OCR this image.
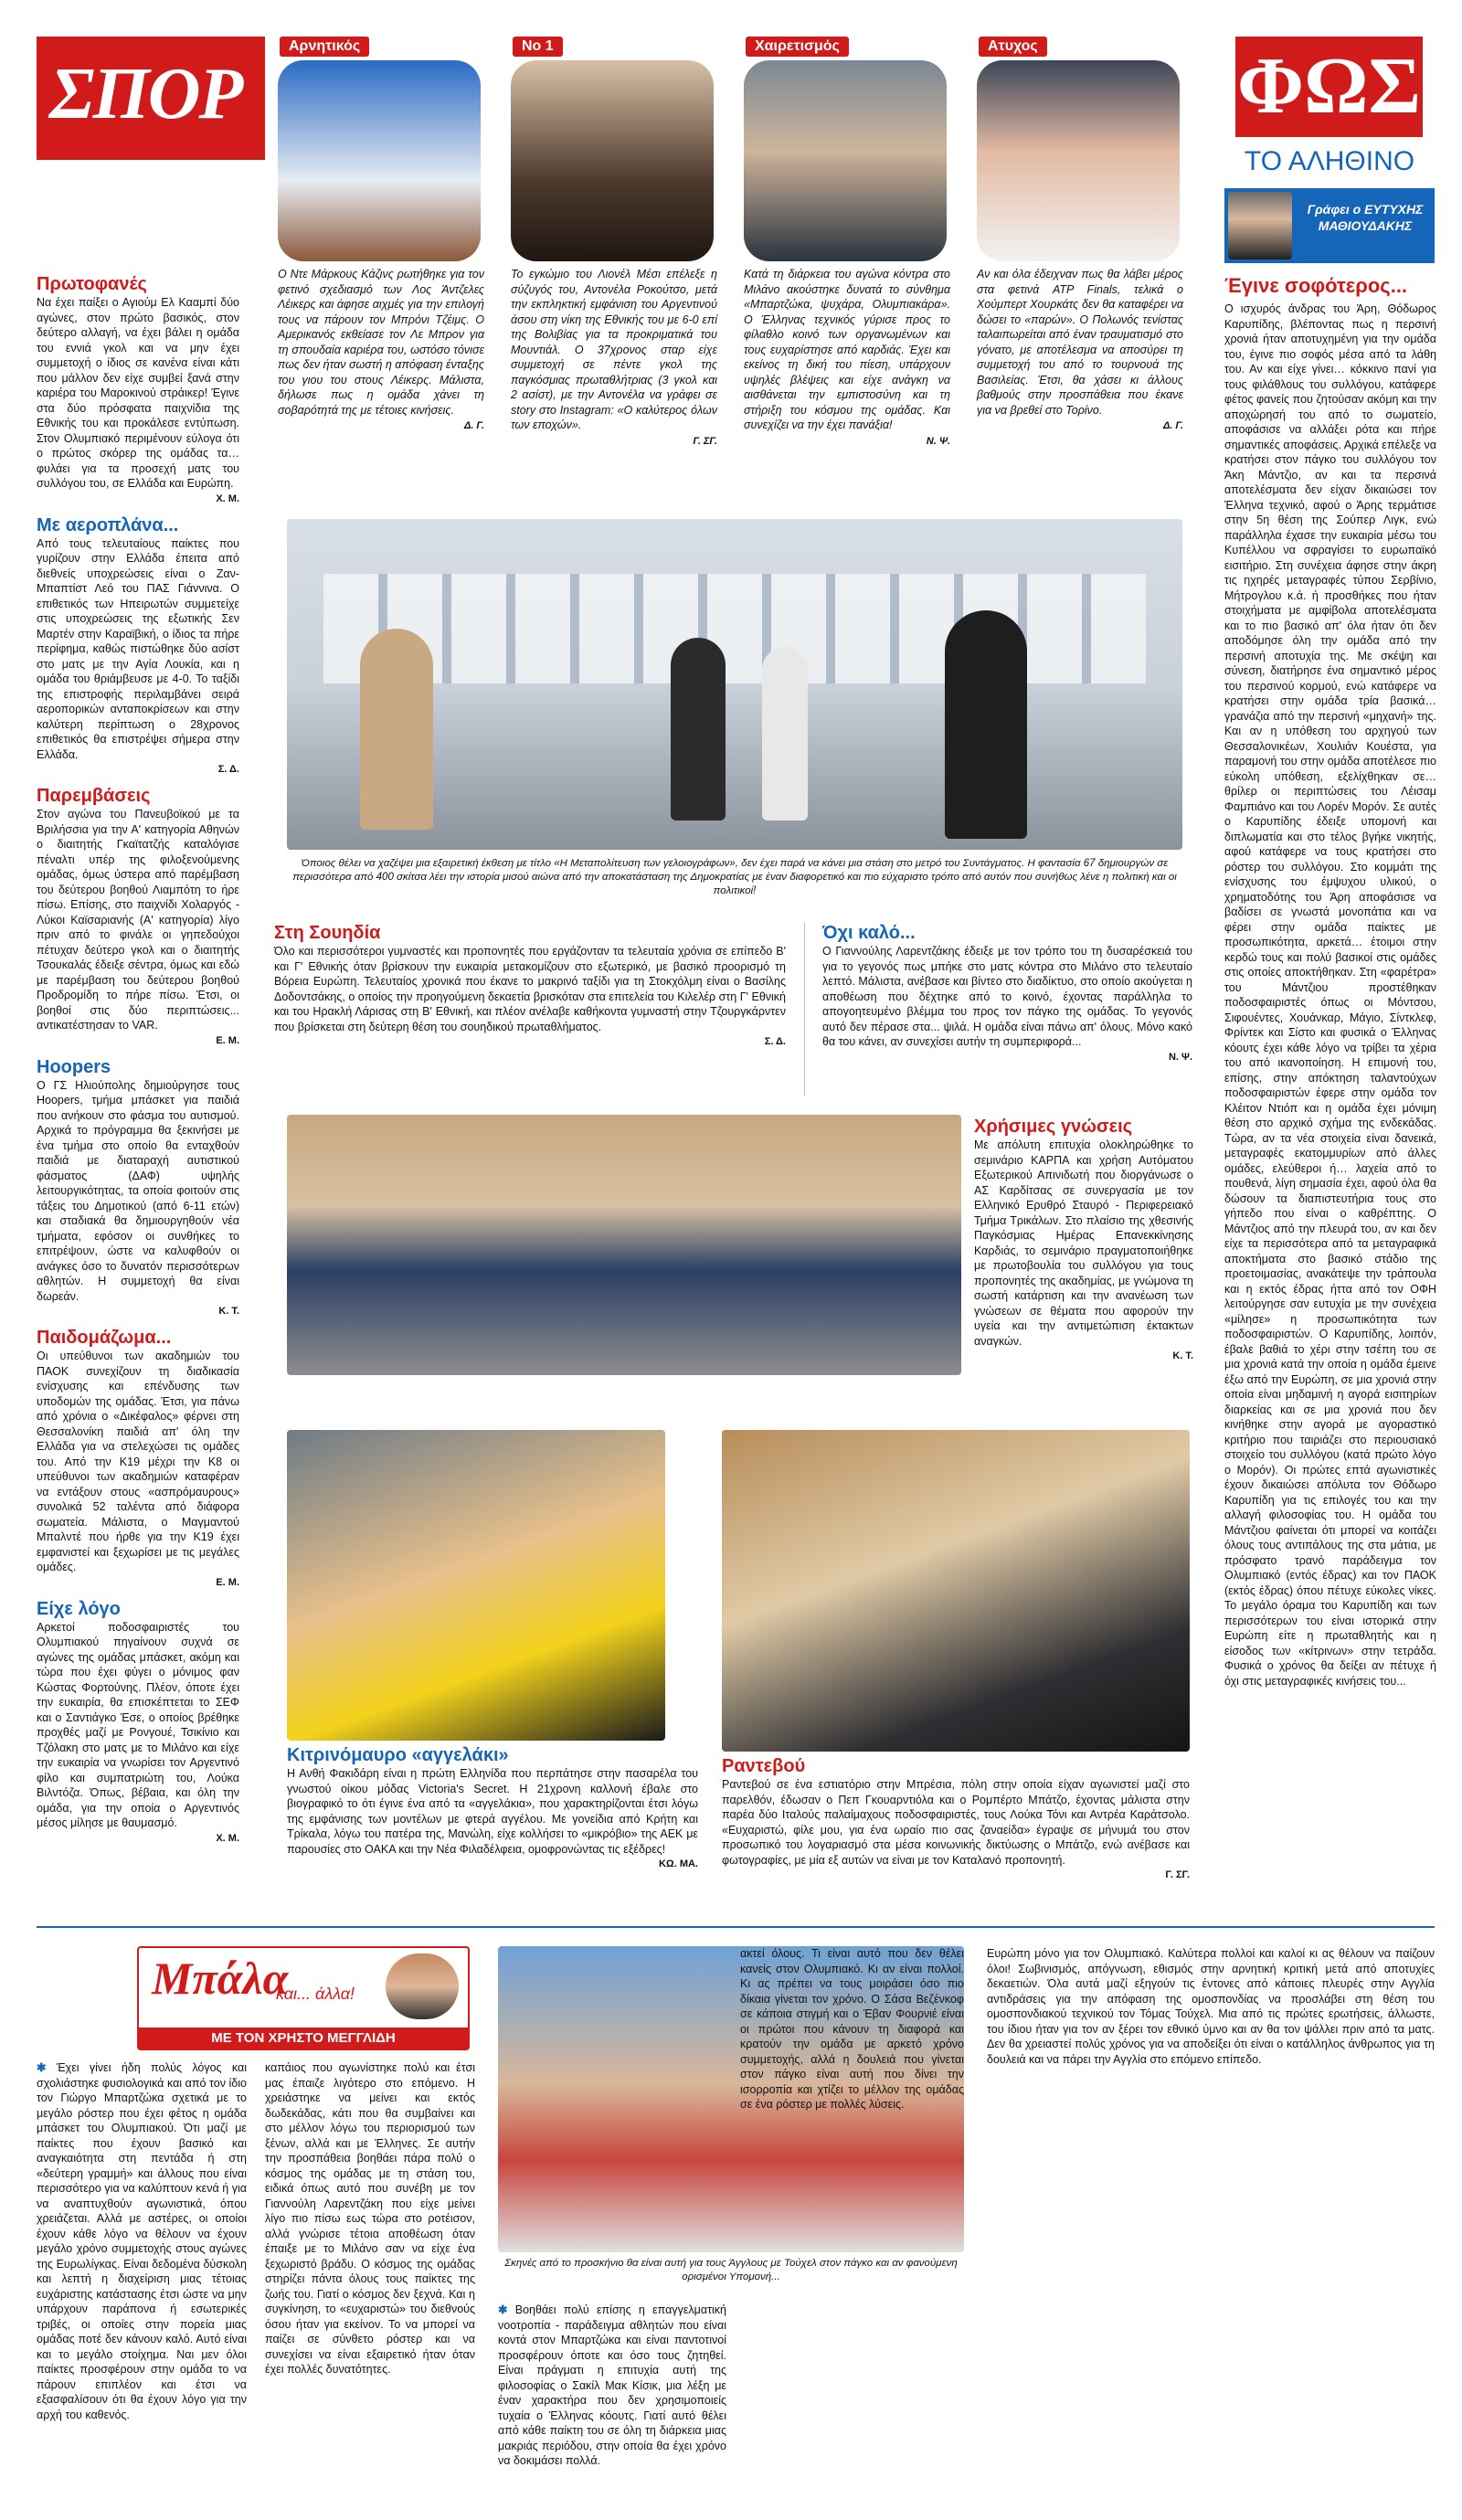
ΣΠΟΡ
Αρνητικός	Νο 1	Χαιρετισμός	Ατυχος ΦΩΣ
ΤΟ ΑΛΗΘΙΝΟ
Γράφει ο ΕΥΤΥΧΗΣ ΜΑΘΙΟΥΔΑΚΗΣ
Ο Ντε Μάρκους Κάζινς ρωτήθηκε για τον φετινό σχεδιασμό των Λος Άντζελες Λέικερς και άφησε αιχμές για την επιλογή τους να πάρουν τον Μπρόνι Τζέιμς. Ο Αμερικανός εκθείασε τον Λε Μπρον για τη σπουδαία καριέρα του, ωστόσο τόνισε πως δεν ήταν σωστή η απόφαση ένταξης του γιου του στους Λέικερς. Μάλιστα, δήλωσε πως η ομάδα χάνει τη σοβαρότητά της με τέτοιες κινήσεις.
Δ. Γ.
Το εγκώμιο του Λιονέλ Μέσι επέλεξε η σύζυγός του, Αντονέλα Ροκούτσο, μετά την εκπληκτική εμφάνιση του Αργεντινού άσου στη νίκη της Εθνικής του με 6-0 επί της Βολιβίας για τα προκριματικά του Μουντιάλ. Ο 37χρονος σταρ είχε συμμετοχή σε πέντε γκολ της παγκόσμιας πρωταθλήτριας (3 γκολ και 2 ασίστ), με την Αντονέλα να γράφει σε story στο Instagram: «Ο καλύτερος όλων των εποχών».
Γ. ΣΓ.
Κατά τη διάρκεια του αγώνα κόντρα στο Μιλάνο ακούστηκε δυνατά το σύνθημα «Μπαρτζώκα, ψυχάρα, Ολυμπιακάρα». Ο Έλληνας τεχνικός γύρισε προς το φίλαθλο κοινό των οργανωμένων και τους ευχαρίστησε από καρδιάς. Έχει και εκείνος τη δική του πίεση, υπάρχουν υψηλές βλέψεις και είχε ανάγκη να αισθάνεται την εμπιστοσύνη και τη στήριξη του κόσμου της ομάδας. Και συνεχίζει να την έχει πανάξια!
Ν. Ψ.
Αν και όλα έδειχναν πως θα λάβει μέρος στα φετινά ATP Finals, τελικά ο Χούμπερτ Χουρκάτς δεν θα καταφέρει να δώσει το «παρών». Ο Πολωνός τενίστας ταλαιπωρείται από έναν τραυματισμό στο γόνατο, με αποτέλεσμα να αποσύρει τη συμμετοχή του από το τουρνουά της Βασιλείας. Έτσι, θα χάσει κι άλλους βαθμούς στην προσπάθεια που έκανε για να βρεθεί στο Τορίνο.
Δ. Γ.
Πρωτοφανές
Να έχει παίξει ο Αγιούμ Ελ Κααμπί δύο αγώνες, στον πρώτο βασικός, στον δεύτερο αλλαγή, να έχει βάλει η ομάδα του εννιά γκολ και να μην έχει συμμετοχή ο ίδιος σε κανένα είναι κάτι που μάλλον δεν είχε συμβεί ξανά στην καριέρα του Μαροκινού στράικερ! Έγινε στα δύο πρόσφατα παιχνίδια της Εθνικής του και προκάλεσε εντύπωση. Στον Ολυμπιακό περιμένουν εύλογα ότι ο πρώτος σκόρερ της ομάδας τα… φυλάει για τα προσεχή ματς του συλλόγου του, σε Ελλάδα και Ευρώπη.
Χ. Μ.
Με αεροπλάνα...
Από τους τελευταίους παίκτες που γυρίζουν στην Ελλάδα έπειτα από διεθνείς υποχρεώσεις είναι ο Ζαν-Μπαπτίστ Λεό του ΠΑΣ Γιάννινα. Ο επιθετικός των Ηπειρωτών συμμετείχε στις υποχρεώσεις της εξωτικής Σεν Μαρτέν στην Καραϊβική, ο ίδιος τα πήρε περίφημα, καθώς πιστώθηκε δύο ασίστ στο ματς με την Αγία Λουκία, και η ομάδα του θριάμβευσε με 4-0. Το ταξίδι της επιστροφής περιλαμβάνει σειρά αεροπορικών ανταποκρίσεων και στην καλύτερη περίπτωση ο 28χρονος επιθετικός θα επιστρέψει σήμερα στην Ελλάδα.
Σ. Δ.
Παρεμβάσεις
Στον αγώνα του Πανευβοϊκού με τα Βριλήσσια για την Α' κατηγορία Αθηνών ο διαιτητής Γκαϊτατζής καταλόγισε πέναλτι υπέρ της φιλοξενούμενης ομάδας, όμως ύστερα από παρέμβαση του δεύτερου βοηθού Λιαμπότη το ήρε πίσω. Επίσης, στο παιχνίδι Χολαργός - Λύκοι Καϊσαριανής (Α' κατηγορία) λίγο πριν από το φινάλε οι γηπεδούχοι πέτυχαν δεύτερο γκολ και ο διαιτητής Τσουκαλάς έδειξε σέντρα, όμως και εδώ με παρέμβαση του δεύτερου βοηθού Προδρομίδη το πήρε πίσω. Έτσι, οι βοηθοί στις δύο περιπτώσεις... αντικατέστησαν το VAR.
Ε. Μ.
Hoopers
Ο ΓΣ Ηλιούπολης δημιούργησε τους Hoopers, τμήμα μπάσκετ για παιδιά που ανήκουν στο φάσμα του αυτισμού. Αρχικά το πρόγραμμα θα ξεκινήσει με ένα τμήμα στο οποίο θα ενταχθούν παιδιά με διαταραχή αυτιστικού φάσματος (ΔΑΦ) υψηλής λειτουργικότητας, τα οποία φοιτούν στις τάξεις του Δημοτικού (από 6-11 ετών) και σταδιακά θα δημιουργηθούν νέα τμήματα, εφόσον οι συνθήκες το επιτρέψουν, ώστε να καλυφθούν οι ανάγκες όσο το δυνατόν περισσότερων αθλητών. Η συμμετοχή θα είναι δωρεάν.
Κ. Τ.
Παιδομάζωμα...
Οι υπεύθυνοι των ακαδημιών του ΠΑΟΚ συνεχίζουν τη διαδικασία ενίσχυσης και επένδυσης των υποδομών της ομάδας. Έτσι, για πάνω από χρόνια ο «Δικέφαλος» φέρνει στη Θεσσαλονίκη παιδιά απ' όλη την Ελλάδα για να στελεχώσει τις ομάδες του. Από την K19 μέχρι την K8 οι υπεύθυνοι των ακαδημιών καταφέραν να εντάξουν στους «ασπρόμαυρους» συνολικά 52 ταλέντα από διάφορα σωματεία. Μάλιστα, ο Μαγμαντού Μπαλντέ που ήρθε για την K19 έχει εμφανιστεί και ξεχωρίσει με τις μεγάλες ομάδες.
Ε. Μ.
Είχε λόγο
Αρκετοί ποδοσφαιριστές του Ολυμπιακού πηγαίνουν συχνά σε αγώνες της ομάδας μπάσκετ, ακόμη και τώρα που έχει φύγει ο μόνιμος φαν Κώστας Φορτούνης. Πλέον, όποτε έχει την ευκαιρία, θα επισκέπτεται το ΣΕΦ και ο Σαντιάγκο Έσε, ο οποίος βρέθηκε προχθές μαζί με Ρονγουέ, Τσικίνιο και Τζόλακη στο ματς με το Μιλάνο και είχε την ευκαιρία να γνωρίσει τον Αργεντινό φίλο και συμπατριώτη του, Λούκα Βιλντόζα. Όπως, βέβαια, και όλη την ομάδα, για την οποία ο Αργεντινός μέσος μίλησε με θαυμασμό.
Χ. Μ.
Όποιος θέλει να χαζέψει μια εξαιρετική έκθεση με τίτλο «Η Μεταπολίτευση των γελοιογράφων», δεν έχει παρά να κάνει μια στάση στο μετρό του Συντάγματος. Η φαντασία 67 δημιουργών σε περισσότερα από 400 σκίτσα λέει την ιστορία μισού αιώνα από την αποκατάσταση της Δημοκρατίας με έναν διαφορετικό και πιο εύχαριστο τρόπο από αυτόν που συνήθως λένε η πολιτική και οι πολιτικοί!
Στη Σουηδία
Όλο και περισσότεροι γυμναστές και προπονητές που εργάζονταν τα τελευταία χρόνια σε επίπεδο Β' και Γ' Εθνικής όταν βρίσκουν την ευκαιρία μετακομίζουν στο εξωτερικό, με βασικό προορισμό τη Βόρεια Ευρώπη. Τελευταίος χρονικά που έκανε το μακρινό ταξίδι για τη Στοκχόλμη είναι ο Βασίλης Δοδοντσάκης, ο οποίος την προηγούμενη δεκαετία βρισκόταν στα επιτελεία του Κιλελέρ στη Γ' Εθνική και του Ηρακλή Λάρισας στη Β' Εθνική, και πλέον ανέλαβε καθήκοντα γυμναστή στην Τζουργκάρντεν που βρίσκεται στη δεύτερη θέση του σουηδικού πρωταθλήματος.
Σ. Δ.
Όχι καλό...
Ο Γιαννούλης Λαρεντζάκης έδειξε με τον τρόπο του τη δυσαρέσκειά του για το γεγονός πως μπήκε στο ματς κόντρα στο Μιλάνο στο τελευταίο λεπτό. Μάλιστα, ανέβασε και βίντεο στο διαδίκτυο, στο οποίο ακούγεται η αποθέωση που δέχτηκε από το κοινό, έχοντας παράλληλα το απογοητευμένο βλέμμα του προς τον πάγκο της ομάδας. Το γεγονός αυτό δεν πέρασε στα... ψιλά. Η ομάδα είναι πάνω απ' όλους. Μόνο κακό θα του κάνει, αν συνεχίσει αυτήν τη συμπεριφορά...
Ν. Ψ.
Χρήσιμες γνώσεις
Με απόλυτη επιτυχία ολοκληρώθηκε το σεμινάριο ΚΑΡΠΑ και χρήση Αυτόματου Εξωτερικού Απινιδωτή που διοργάνωσε ο ΑΣ Καρδίτσας σε συνεργασία με τον Ελληνικό Ερυθρό Σταυρό - Περιφερειακό Τμήμα Τρικάλων. Στο πλαίσιο της χθεσινής Παγκόσμιας Ημέρας Επανεκκίνησης Καρδιάς, το σεμινάριο πραγματοποιήθηκε με πρωτοβουλία του συλλόγου για τους προπονητές της ακαδημίας, με γνώμονα τη σωστή κατάρτιση και την ανανέωση των γνώσεων σε θέματα που αφορούν την υγεία και την αντιμετώπιση έκτακτων αναγκών.
Κ. Τ.
Κιτρινόμαυρο «αγγελάκι»
Η Ανθή Φακιδάρη είναι η πρώτη Ελληνίδα που περπάτησε στην πασαρέλα του γνωστού οίκου μόδας Victoria's Secret. Η 21χρονη καλλονή έβαλε στο βιογραφικό το ότι έγινε ένα από τα «αγγελάκια», που χαρακτηρίζονται έτσι λόγω της εμφάνισης των μοντέλων με φτερά αγγέλου. Με γονείδια από Κρήτη και Τρίκαλα, λόγω του πατέρα της, Μανώλη, είχε κολλήσει το «μικρόβιο» της ΑΕΚ με παρουσίες στο ΟΑΚΑ και την Νέα Φιλαδέλφεια, ομοφρονώντας τις εξέδρες!
ΚΩ. ΜΑ.
Ραντεβού
Ραντεβού σε ένα εστιατόριο στην Μπρέσια, πόλη στην οποία είχαν αγωνιστεί μαζί στο παρελθόν, έδωσαν ο Πεπ Γκουαρντιόλα και ο Ρομπέρτο Μπάτζο, έχοντας μάλιστα στην παρέα δύο Ιταλούς παλαίμαχους ποδοσφαιριστές, τους Λούκα Τόνι και Αντρέα Καράτσολο. «Ευχαριστώ, φίλε μου, για ένα ωραίο πιο σας ζαναείδα» έγραψε σε μήνυμά του στον προσωπικό του λογαριασμό στα μέσα κοινωνικής δικτύωσης ο Μπάτζο, ενώ ανέβασε και φωτογραφίες, με μία εξ αυτών να είναι με τον Καταλανό προπονητή.
Γ. ΣΓ.
Έγινε σοφότερος...
Ο ισχυρός άνδρας του Άρη, Θόδωρος Καρυπίδης, βλέποντας πως η περσινή χρονιά ήταν αποτυχημένη για την ομάδα του, έγινε πιο σοφός μέσα από τα λάθη του. Αν και είχε γίνει… κόκκινο πανί για τους φιλάθλους του συλλόγου, κατάφερε φέτος φανείς που ζητούσαν ακόμη και την αποχώρησή του από το σωματείο, αποφάσισε να αλλάξει ρότα και πήρε σημαντικές αποφάσεις. Αρχικά επέλεξε να κρατήσει στον πάγκο του συλλόγου τον Άκη Μάντζιο, αν και τα περσινά αποτελέσματα δεν είχαν δικαιώσει τον Έλληνα τεχνικό, αφού ο Άρης τερμάτισε στην 5η θέση της Σούπερ Λιγκ, ενώ παράλληλα έχασε την ευκαιρία μέσω του Κυπέλλου να σφραγίσει το ευρωπαϊκό εισιτήριο. Στη συνέχεια άφησε στην άκρη τις ηχηρές μεταγραφές τύπου Σερβίνιο, Μήτρογλου κ.ά. ή προσθήκες που ήταν στοιχήματα με αμφίβολα αποτελέσματα και το πιο βασικό απ' όλα ήταν ότι δεν αποδόμησε όλη την ομάδα από την περσινή αποτυχία της. Με σκέψη και σύνεση, διατήρησε ένα σημαντικό μέρος του περσινού κορμού, ενώ κατάφερε να κρατήσει στην ομάδα τρία βασικά… γρανάζια από την περσινή «μηχανή» της. Και αν η υπόθεση του αρχηγού των Θεσσαλονικέων, Χουλιάν Κουέστα, για παραμονή του στην ομάδα αποτέλεσε πιο εύκολη υπόθεση, εξελίχθηκαν σε… θρίλερ οι περιπτώσεις του Λέισαμ Φαμπιάνο και του Λορέν Μορόν. Σε αυτές ο Καρυπίδης έδειξε υπομονή και διπλωματία και στο τέλος βγήκε νικητής, αφού κατάφερε να τους κρατήσει στο ρόστερ του συλλόγου. Στο κομμάτι της ενίσχυσης του έμψυχου υλικού, ο χρηματοδότης του Άρη αποφάσισε να βαδίσει σε γνωστά μονοπάτια και να φέρει στην ομάδα παίκτες με προσωπικότητα, αρκετά… έτοιμοι στην κερδώ τους και πολύ βασικοί στις ομάδες στις οποίες αποκτήθηκαν. Στη «φαρέτρα» του Μάντζιου προστέθηκαν ποδοσφαιριστές όπως οι Μόντσου, Σιφουέντες, Χουάνκαρ, Μάγιο, Σίντκλεφ, Φρίντεκ και Σίστο και φυσικά ο Έλληνας κόουτς έχει κάθε λόγο να τρίβει τα χέρια του από ικανοποίηση. Η επιμονή του, επίσης, στην απόκτηση ταλαντούχων ποδοσφαιριστών έφερε στην ομάδα τον Κλέιτον Ντιόπ και η ομάδα έχει μόνιμη θέση στο αρχικό σχήμα της ενδεκάδας. Τώρα, αν τα νέα στοιχεία είναι δανεικά, μεταγραφές εκατομμυρίων από άλλες ομάδες, ελεύθεροι ή… λαχεία από το πουθενά, λίγη σημασία έχει, αφού όλα θα δώσουν τα διαπιστευτήρια τους στο γήπεδο που είναι ο καθρέπτης. Ο Μάντζιος από την πλευρά του, αν και δεν είχε τα περισσότερα από τα μεταγραφικά αποκτήματα στο βασικό στάδιο της προετοιμασίας, ανακάτεψε την τράπουλα και η εκτός έδρας ήττα από τον ΟΦΗ λειτούργησε σαν ευτυχία με την συνέχεια «μίλησε» η προσωπικότητα των ποδοσφαιριστών. Ο Καρυπίδης, λοιπόν, έβαλε βαθιά το χέρι στην τσέπη του σε μια χρονιά κατά την οποία η ομάδα έμεινε έξω από την Ευρώπη, σε μια χρονιά στην οποία είναι μηδαμινή η αγορά εισιτηρίων διαρκείας και σε μια χρονιά που δεν κινήθηκε στην αγορά με αγοραστικό κριτήριο που ταιριάζει στο περιουσιακό στοιχείο του συλλόγου (κατά πρώτο λόγο ο Μορόν). Οι πρώτες επτά αγωνιστικές έχουν δικαιώσει απόλυτα τον Θόδωρο Καρυπίδη για τις επιλογές του και την αλλαγή φιλοσοφίας του. Η ομάδα του Μάντζιου φαίνεται ότι μπορεί να κοιτάζει όλους τους αντιπάλους της στα μάτια, με πρόσφατο τρανό παράδειγμα τον Ολυμπιακό (εντός έδρας) και τον ΠΑΟΚ (εκτός έδρας) όπου πέτυχε εύκολες νίκες. Το μεγάλο όραμα του Καρυπίδη και των περισσότερων του είναι ιστορικά στην Ευρώπη είτε η πρωταθλητής και η είσοδος των «κίτρινων» στην τετράδα. Φυσικά ο χρόνος θα δείξει αν πέτυχε ή όχι στις μεταγραφικές κινήσεις του...
Μπάλα
και... άλλα!
ΜΕ ΤΟΝ ΧΡΗΣΤΟ ΜΕΓΓΛΙΔΗ
✱ Έχει γίνει ήδη πολύς λόγος και σχολιάστηκε φυσιολογικά και από τον ίδιο τον Γιώργο Μπαρτζώκα σχετικά με το μεγάλο ρόστερ που έχει φέτος η ομάδα μπάσκετ του Ολυμπιακού. Ότι μαζί με παίκτες που έχουν βασικό και αναγκαιότητα στη πεντάδα ή στη «δεύτερη γραμμή» και άλλους που είναι περισσότερο για να καλύπτουν κενά ή για να αναπτυχθούν αγωνιστικά, όπου χρειάζεται. Αλλά με αστέρες, οι οποίοι έχουν κάθε λόγο να θέλουν να έχουν μεγάλο χρόνο συμμετοχής στους αγώνες της Ευρωλίγκας. Είναι δεδομένα δύσκολη και λεπτή η διαχείριση μιας τέτοιας ευχάριστης κατάστασης έτσι ώστε να μην υπάρχουν παράπονα ή εσωτερικές τριβές, οι οποίες στην πορεία μιας ομάδας ποτέ δεν κάνουν καλό. Αυτό είναι και το μεγάλο στοίχημα. Ναι μεν όλοι παίκτες προσφέρουν στην ομάδα το να πάρουν επιπλέον και έτσι να εξασφαλίσουν ότι θα έχουν λόγο για την αρχή του καθενός.
καπάιος που αγωνίστηκε πολύ και έτσι μας έπαιζε λιγότερο στο επόμενο. Η χρειάστηκε να μείνει και εκτός δωδεκάδας, κάτι που θα συμβαίνει και στο μέλλον λόγω του περιορισμού των ξένων, αλλά και με Έλληνες. Σε αυτήν την προσπάθεια βοηθάει πάρα πολύ ο κόσμος της ομάδας με τη στάση του, ειδικά όπως αυτό που συνέβη με τον Γιαννούλη Λαρεντζάκη που είχε μείνει λίγο πιο πίσω εως τώρα στο ροτέισον, αλλά γνώρισε τέτοια αποθέωση όταν έπαιξε με το Μιλάνο σαν να είχε ένα ξεχωριστό βράδυ. Ο κόσμος της ομάδας στηρίζει πάντα όλους τους παίκτες της ζωής του. Γιατί ο κόσμος δεν ξεχνά. Και η συγκίνηση, το «ευχαριστώ» του διεθνούς όσου ήταν για εκείνον. Το να μπορεί να παίζει σε σύνθετο ρόστερ και να συνεχίσει να είναι εξαιρετικό ήταν όταν έχει πολλές δυνατότητες.
Σκηνές από το προσκήνιο θα είναι αυτή για τους Άγγλους με Τούχελ στον πάγκο και αν φανούμενη ορισμένοι Υπομονή...
✱ Βοηθάει πολύ επίσης η επαγγελματική νοοτροπία - παράδειγμα αθλητών που είναι κοντά στον Μπαρτζώκα και είναι παντοτινοί προσφέρουν όποτε και όσο τους ζητηθεί. Είναι πράγματι η επιτυχία αυτή της φιλοσοφίας ο Σακίλ Μακ Κίσικ, μια λέξη με έναν χαρακτήρα που δεν χρησιμοποιείς τυχαία ο Έλληνας κόουτς. Γιατί αυτό θέλει από κάθε παίκτη του σε όλη τη διάρκεια μιας μακριάς περιόδου, στην οποία θα έχει χρόνο να δοκιμάσει πολλά.
ακτεί όλους. Τι είναι αυτό που δεν θέλει κανείς στον Ολυμπιακό. Κι αν είναι πολλοί. Κι ας πρέπει να τους μοιράσει όσο πιο δίκαια γίνεται τον χρόνο. Ο Σάσα Βεζένκοφ σε κάποια στιγμή και ο Έβαν Φουρνιέ είναι οι πρώτοι που κάνουν τη διαφορά και κρατούν την ομάδα με αρκετό χρόνο συμμετοχής, αλλά η δουλειά που γίνεται στον πάγκο είναι αυτή που δίνει την ισορροπία και χτίζει το μέλλον της ομάδας σε ένα ρόστερ με πολλές λύσεις.
Ευρώπη μόνο για τον Ολυμπιακό. Καλύτερα πολλοί και καλοί κι ας θέλουν να παίζουν όλοι! Σωβινισμός, απόγνωση, εθισμός στην αρνητική κριτική μετά από αποτυχίες δεκαετιών. Όλα αυτά μαζί εξηγούν τις έντονες από κάποιες πλευρές στην Αγγλία αντιδράσεις για την απόφαση της ομοσπονδίας να προσλάβει στη θέση του ομοσπονδιακού τεχνικού τον Τόμας Τούχελ. Μια από τις πρώτες ερωτήσεις, άλλωστε, του ίδιου ήταν για τον αν ξέρει τον εθνικό ύμνο και αν θα τον ψάλλει πριν από τα ματς. Δεν θα χρειαστεί πολύς χρόνος για να αποδείξει ότι είναι ο κατάλληλος άνθρωπος για τη δουλειά και να πάρει την Αγγλία στο επόμενο επίπεδο.
